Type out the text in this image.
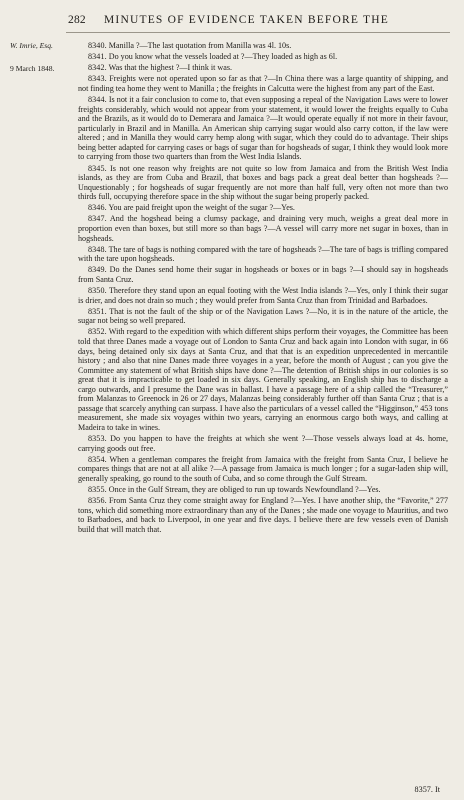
282 MINUTES OF EVIDENCE TAKEN BEFORE THE
W. Imrie, Esq.
9 March 1848.

8340. Manilla ?—The last quotation from Manilla was 4l. 10s.

8341. Do you know what the vessels loaded at ?—They loaded as high as 6l.

8342. Was that the highest ?—I think it was.

8343. Freights were not operated upon so far as that ?—In China there was a large quantity of shipping, and not finding tea home they went to Manilla ; the freights in Calcutta were the highest from any part of the East.

8344. Is not it a fair conclusion to come to, that even supposing a repeal of the Navigation Laws were to lower freights considerably, which would not appear from your statement, it would lower the freights equally to Cuba and the Brazils, as it would do to Demerara and Jamaica ?—It would operate equally if not more in their favour, particularly in Brazil and in Manilla. An American ship carrying sugar would also carry cotton, if the law were altered ; and in Manilla they would carry hemp along with sugar, which they could do to advantage. Their ships being better adapted for carrying cases or bags of sugar than for hogsheads of sugar, I think they would look more to carrying from those two quarters than from the West India Islands.

8345. Is not one reason why freights are not quite so low from Jamaica and from the British West India islands, as they are from Cuba and Brazil, that boxes and bags pack a great deal better than hogsheads ?—Unquestionably ; for hogsheads of sugar frequently are not more than half full, very often not more than two thirds full, occupying therefore space in the ship without the sugar being properly packed.

8346. You are paid freight upon the weight of the sugar ?—Yes.

8347. And the hogshead being a clumsy package, and draining very much, weighs a great deal more in proportion even than boxes, but still more so than bags ?—A vessel will carry more net sugar in boxes, than in hogsheads.

8348. The tare of bags is nothing compared with the tare of hogsheads ?—The tare of bags is trifling compared with the tare upon hogsheads.

8349. Do the Danes send home their sugar in hogsheads or boxes or in bags ?—I should say in hogsheads from Santa Cruz.

8350. Therefore they stand upon an equal footing with the West India islands ?—Yes, only I think their sugar is drier, and does not drain so much ; they would prefer from Santa Cruz than from Trinidad and Barbadoes.

8351. That is not the fault of the ship or of the Navigation Laws ?—No, it is in the nature of the article, the sugar not being so well prepared.

8352. With regard to the expedition with which different ships perform their voyages, the Committee has been told that three Danes made a voyage out of London to Santa Cruz and back again into London with sugar, in 66 days, being detained only six days at Santa Cruz, and that that is an expedition unprecedented in mercantile history ; and also that nine Danes made three voyages in a year, before the month of August ; can you give the Committee any statement of what British ships have done ?—The detention of British ships in our colonies is so great that it is impracticable to get loaded in six days. Generally speaking, an English ship has to discharge a cargo outwards, and I presume the Dane was in ballast. I have a passage here of a ship called the “Treasurer,” from Malanzas to Greenock in 26 or 27 days, Malanzas being considerably further off than Santa Cruz ; that is a passage that scarcely anything can surpass. I have also the particulars of a vessel called the “Higginson,” 453 tons measurement, she made six voyages within two years, carrying an enormous cargo both ways, and calling at Madeira to take in wines.

8353. Do you happen to have the freights at which she went ?—Those vessels always load at 4s. home, carrying goods out free.

8354. When a gentleman compares the freight from Jamaica with the freight from Santa Cruz, I believe he compares things that are not at all alike ?—A passage from Jamaica is much longer ; for a sugar-laden ship will, generally speaking, go round to the south of Cuba, and so come through the Gulf Stream.

8355. Once in the Gulf Stream, they are obliged to run up towards Newfoundland ?—Yes.

8356. From Santa Cruz they come straight away for England ?—Yes. I have another ship, the “Favorite,” 277 tons, which did something more extraordinary than any of the Danes ; she made one voyage to Mauritius, and two to Barbadoes, and back to Liverpool, in one year and five days. I believe there are few vessels even of Danish build that will match that.

8357. It
